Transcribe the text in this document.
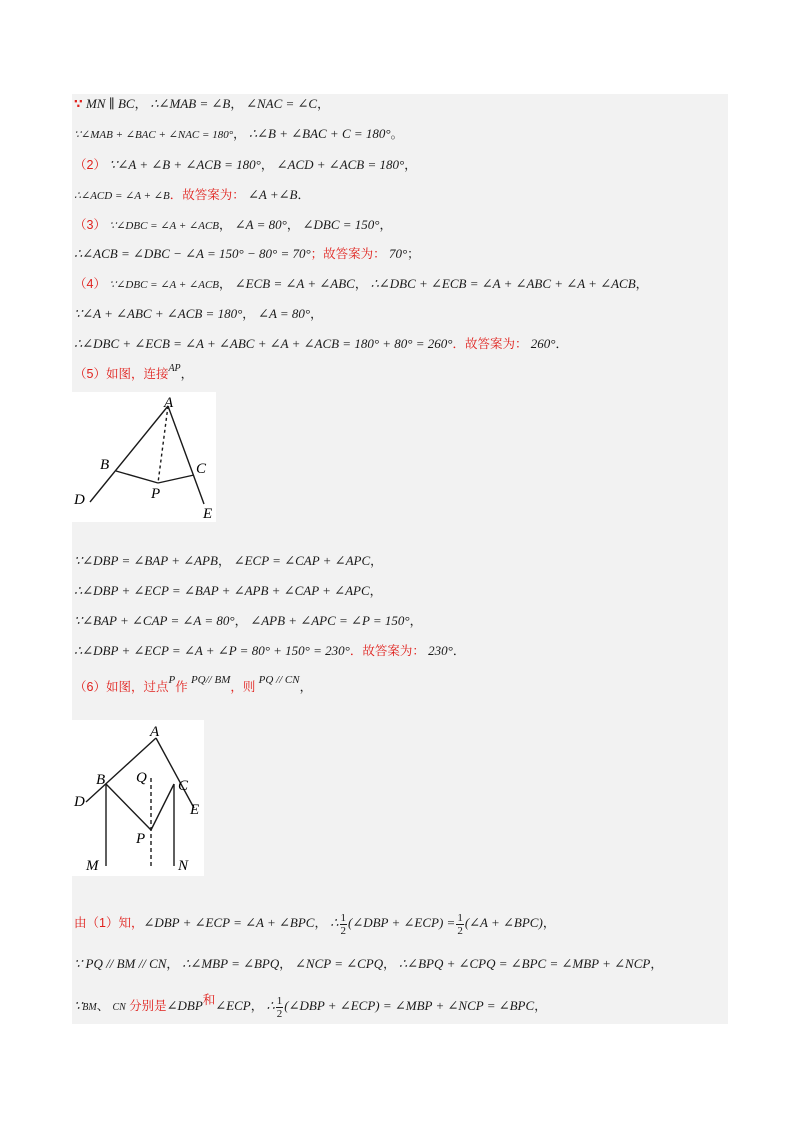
∵ MN ∥ BC， ∴∠MAB = ∠B， ∠NAC = ∠C，
∵∠MAB + ∠BAC + ∠NAC = 180°， ∴∠B + ∠BAC + C = 180°。
（2） ∵∠A + ∠B + ∠ACB = 180°， ∠ACD + ∠ACB = 180°，
∴∠ACD = ∠A + ∠B．故答案为： ∠A +∠B．
（3） ∵∠DBC = ∠A + ∠ACB， ∠A = 80°， ∠DBC = 150°，
∴∠ACB = ∠DBC − ∠A = 150° − 80° = 70°；故答案为： 70°；
（4） ∵∠DBC = ∠A + ∠ACB， ∠ECB = ∠A + ∠ABC， ∴∠DBC + ∠ECB = ∠A + ∠ABC + ∠A + ∠ACB，
∵∠A + ∠ABC + ∠ACB = 180°， ∠A = 80°，
∴∠DBC + ∠ECB = ∠A + ∠ABC + ∠A + ∠ACB = 180° + 80° = 260°．故答案为： 260°．
（5）如图，连接$^{AP}$，
A
B	C
D
E
P
∵∠DBP = ∠BAP + ∠APB， ∠ECP = ∠CAP + ∠APC，
∴∠DBP + ∠ECP = ∠BAP + ∠APB + ∠CAP + ∠APC，
∵∠BAP + ∠CAP = ∠A = 80°， ∠APB + ∠APC = ∠P = 150°，
∴∠DBP + ∠ECP = ∠A + ∠P = 80° + 150° = 230°．故答案为： 230°．
（6）如图，过点$^P$作 $^{PQ// BM}$，则 $^{PQ // CN}$，
A
B	C
D	E
P
Q
M	N
由（1）知，∠DBP + ∠ECP = ∠A + ∠BPC， ∴ $\frac{1}{2}$ (∠DBP + ∠ECP) = $\frac{1}{2}$ (∠A + ∠BPC)，
∵ PQ // BM // CN， ∴∠MBP = ∠BPQ， ∠NCP = ∠CPQ， ∴∠BPQ + ∠CPQ = ∠BPC = ∠MBP + ∠NCP，
∵BM、 CN 分别是∠DBP和∠ECP， ∴ $\frac{1}{2}$ (∠DBP + ∠ECP) = ∠MBP + ∠NCP = ∠BPC，
